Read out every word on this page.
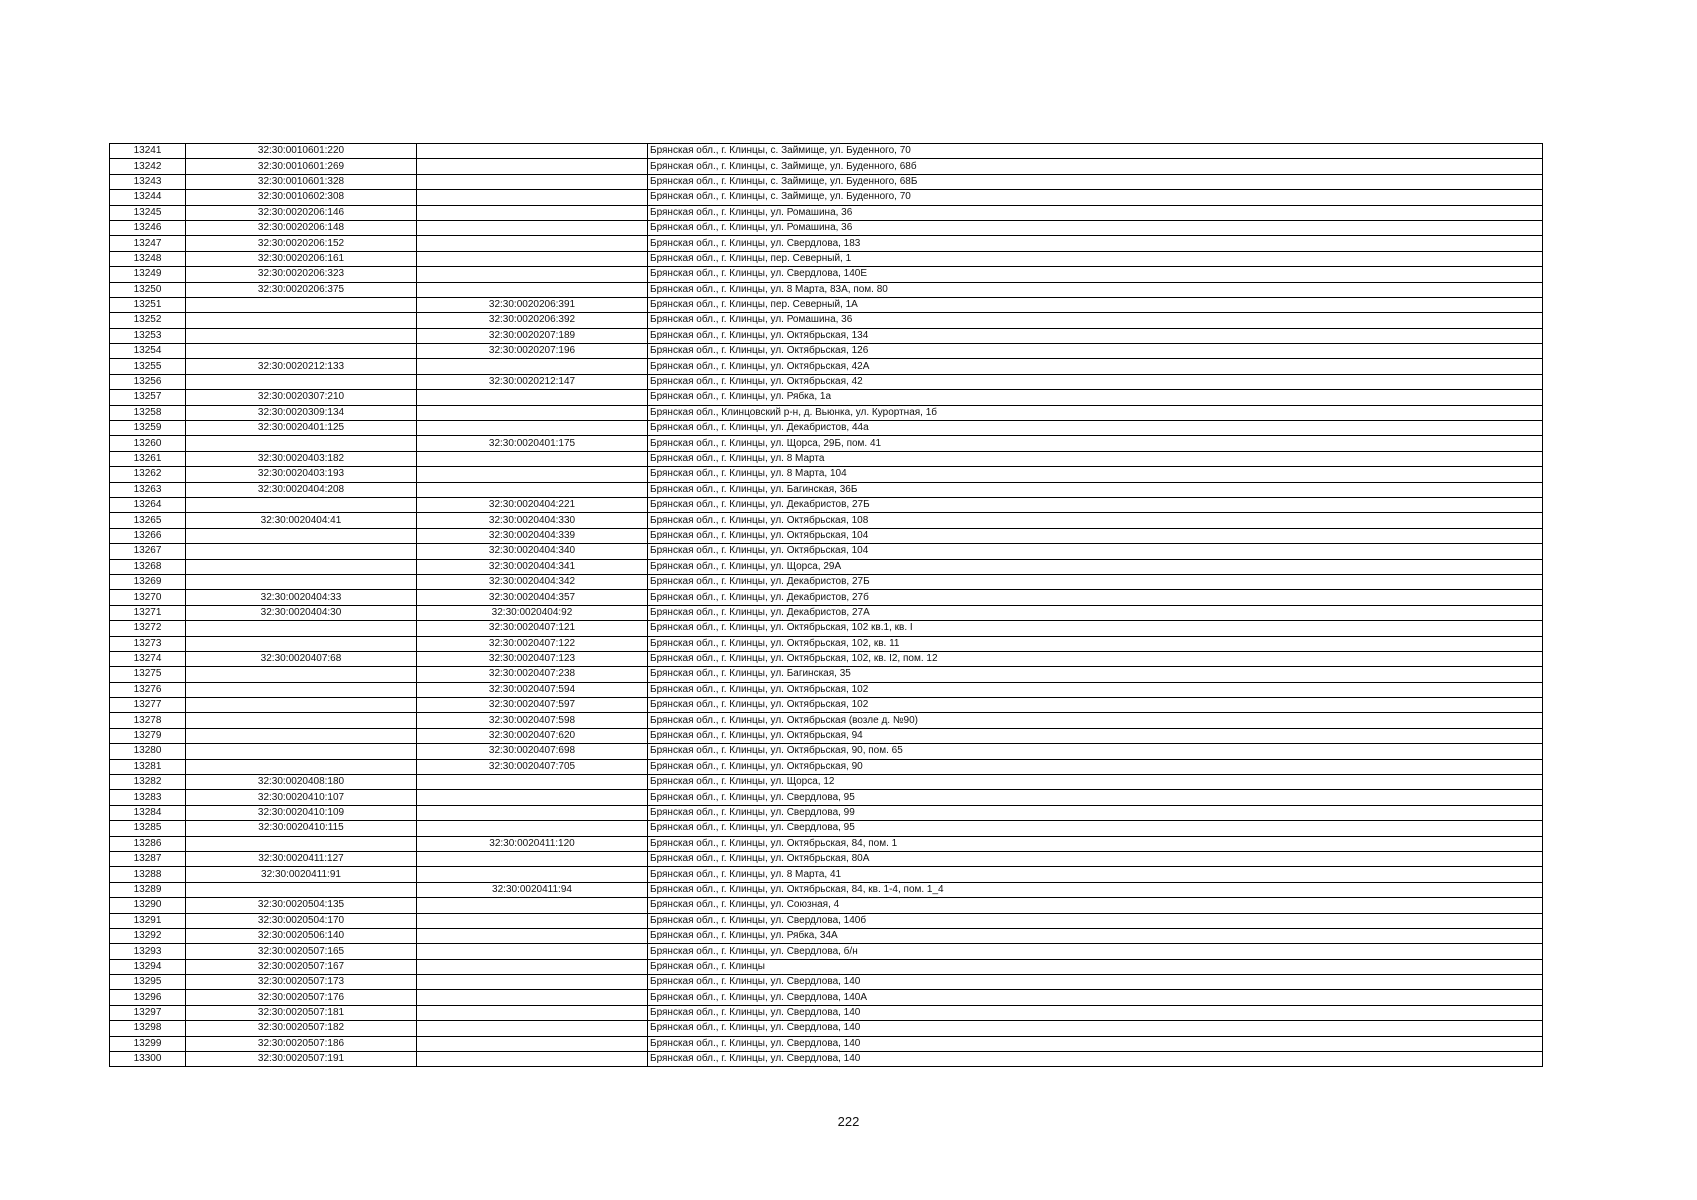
13241	32:30:0010601:220		Брянская обл., г. Клинцы, с. Займище, ул. Буденного, 70
13242	32:30:0010601:269		Брянская обл., г. Клинцы, с. Займище, ул. Буденного, 68б
13243	32:30:0010601:328		Брянская обл., г. Клинцы, с. Займище, ул. Буденного, 68Б
13244	32:30:0010602:308		Брянская обл., г. Клинцы, с. Займище, ул. Буденного, 70
13245	32:30:0020206:146		Брянская обл., г. Клинцы, ул. Ромашина, 36
13246	32:30:0020206:148		Брянская обл., г. Клинцы, ул. Ромашина, 36
13247	32:30:0020206:152		Брянская обл., г. Клинцы, ул. Свердлова, 183
13248	32:30:0020206:161		Брянская обл., г. Клинцы, пер. Северный, 1
13249	32:30:0020206:323		Брянская обл., г. Клинцы, ул. Свердлова, 140Е
13250	32:30:0020206:375		Брянская обл., г. Клинцы, ул. 8 Марта, 83А, пом. 80
13251		32:30:0020206:391	Брянская обл., г. Клинцы, пер. Северный, 1А
13252		32:30:0020206:392	Брянская обл., г. Клинцы, ул. Ромашина, 36
13253		32:30:0020207:189	Брянская обл., г. Клинцы, ул. Октябрьская, 134
13254		32:30:0020207:196	Брянская обл., г. Клинцы, ул. Октябрьская, 126
13255	32:30:0020212:133		Брянская обл., г. Клинцы, ул. Октябрьская, 42А
13256		32:30:0020212:147	Брянская обл., г. Клинцы, ул. Октябрьская, 42
13257	32:30:0020307:210		Брянская обл., г. Клинцы, ул. Рябка, 1а
13258	32:30:0020309:134		Брянская обл., Клинцовский р-н, д. Вьюнка, ул. Курортная, 1б
13259	32:30:0020401:125		Брянская обл., г. Клинцы, ул. Декабристов, 44а
13260		32:30:0020401:175	Брянская обл., г. Клинцы, ул. Щорса, 29Б, пом. 41
13261	32:30:0020403:182		Брянская обл., г. Клинцы, ул. 8 Марта
13262	32:30:0020403:193		Брянская обл., г. Клинцы, ул. 8 Марта, 104
13263	32:30:0020404:208		Брянская обл., г. Клинцы, ул. Багинская, 36Б
13264		32:30:0020404:221	Брянская обл., г. Клинцы, ул. Декабристов, 27Б
13265	32:30:0020404:41	32:30:0020404:330	Брянская обл., г. Клинцы, ул. Октябрьская, 108
13266		32:30:0020404:339	Брянская обл., г. Клинцы, ул. Октябрьская, 104
13267		32:30:0020404:340	Брянская обл., г. Клинцы, ул. Октябрьская, 104
13268		32:30:0020404:341	Брянская обл., г. Клинцы, ул. Щорса, 29А
13269		32:30:0020404:342	Брянская обл., г. Клинцы, ул. Декабристов, 27Б
13270	32:30:0020404:33	32:30:0020404:357	Брянская обл., г. Клинцы, ул. Декабристов, 27б
13271	32:30:0020404:30	32:30:0020404:92	Брянская обл., г. Клинцы, ул. Декабристов, 27А
13272		32:30:0020407:121	Брянская обл., г. Клинцы, ул. Октябрьская, 102 кв.1, кв. I
13273		32:30:0020407:122	Брянская обл., г. Клинцы, ул. Октябрьская, 102, кв. 11
13274	32:30:0020407:68	32:30:0020407:123	Брянская обл., г. Клинцы, ул. Октябрьская, 102, кв. I2, пом. 12
13275		32:30:0020407:238	Брянская обл., г. Клинцы, ул. Багинская, 35
13276		32:30:0020407:594	Брянская обл., г. Клинцы, ул. Октябрьская, 102
13277		32:30:0020407:597	Брянская обл., г. Клинцы, ул. Октябрьская, 102
13278		32:30:0020407:598	Брянская обл., г. Клинцы, ул. Октябрьская (возле д. №90)
13279		32:30:0020407:620	Брянская обл., г. Клинцы, ул. Октябрьская, 94
13280		32:30:0020407:698	Брянская обл., г. Клинцы, ул. Октябрьская, 90, пом. 65
13281		32:30:0020407:705	Брянская обл., г. Клинцы, ул. Октябрьская, 90
13282	32:30:0020408:180		Брянская обл., г. Клинцы, ул. Щорса, 12
13283	32:30:0020410:107		Брянская обл., г. Клинцы, ул. Свердлова, 95
13284	32:30:0020410:109		Брянская обл., г. Клинцы, ул. Свердлова, 99
13285	32:30:0020410:115		Брянская обл., г. Клинцы, ул. Свердлова, 95
13286		32:30:0020411:120	Брянская обл., г. Клинцы, ул. Октябрьская, 84, пом. 1
13287	32:30:0020411:127		Брянская обл., г. Клинцы, ул. Октябрьская, 80А
13288	32:30:0020411:91		Брянская обл., г. Клинцы, ул. 8 Марта, 41
13289		32:30:0020411:94	Брянская обл., г. Клинцы, ул. Октябрьская, 84, кв. 1-4, пом. 1_4
13290	32:30:0020504:135		Брянская обл., г. Клинцы, ул. Союзная, 4
13291	32:30:0020504:170		Брянская обл., г. Клинцы, ул. Свердлова, 140б
13292	32:30:0020506:140		Брянская обл., г. Клинцы, ул. Рябка, 34А
13293	32:30:0020507:165		Брянская обл., г. Клинцы, ул. Свердлова, б/н
13294	32:30:0020507:167		Брянская обл., г. Клинцы
13295	32:30:0020507:173		Брянская обл., г. Клинцы, ул. Свердлова, 140
13296	32:30:0020507:176		Брянская обл., г. Клинцы, ул. Свердлова, 140А
13297	32:30:0020507:181		Брянская обл., г. Клинцы, ул. Свердлова, 140
13298	32:30:0020507:182		Брянская обл., г. Клинцы, ул. Свердлова, 140
13299	32:30:0020507:186		Брянская обл., г. Клинцы, ул. Свердлова, 140
13300	32:30:0020507:191		Брянская обл., г. Клинцы, ул. Свердлова, 140
222
